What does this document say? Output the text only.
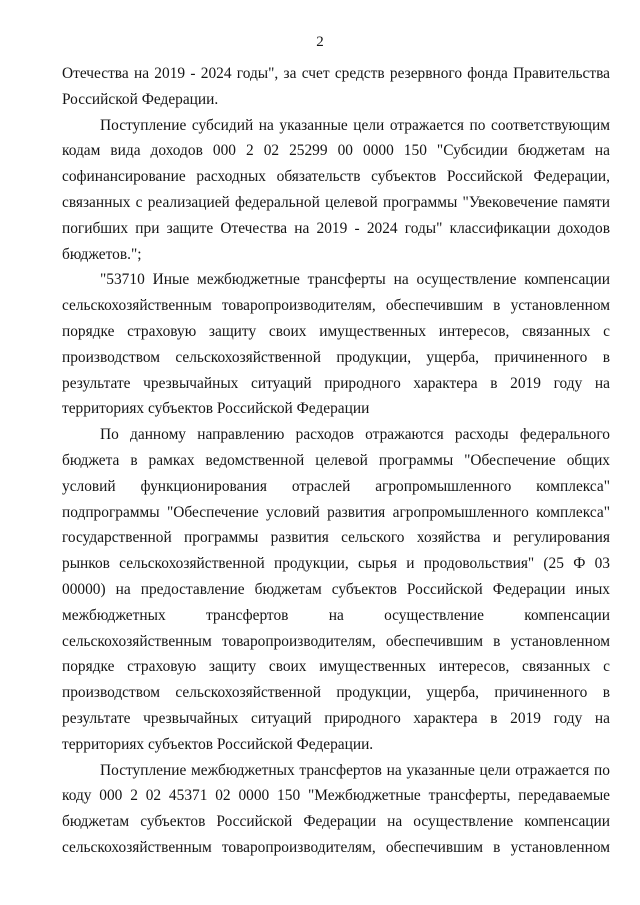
2

Отечества на 2019 - 2024 годы", за счет средств резервного фонда Правительства Российской Федерации.

Поступление субсидий на указанные цели отражается по соответствующим кодам вида доходов 000 2 02 25299 00 0000 150 "Субсидии бюджетам на софинансирование расходных обязательств субъектов Российской Федерации, связанных с реализацией федеральной целевой программы "Увековечение памяти погибших при защите Отечества на 2019 - 2024 годы" классификации доходов бюджетов.";

"53710 Иные межбюджетные трансферты на осуществление компенсации сельскохозяйственным товаропроизводителям, обеспечившим в установленном порядке страховую защиту своих имущественных интересов, связанных с производством сельскохозяйственной продукции, ущерба, причиненного в результате чрезвычайных ситуаций природного характера в 2019 году на территориях субъектов Российской Федерации

По данному направлению расходов отражаются расходы федерального бюджета в рамках ведомственной целевой программы "Обеспечение общих условий функционирования отраслей агропромышленного комплекса" подпрограммы "Обеспечение условий развития агропромышленного комплекса" государственной программы развития сельского хозяйства и регулирования рынков сельскохозяйственной продукции, сырья и продовольствия" (25 Ф 03 00000) на предоставление бюджетам субъектов Российской Федерации иных межбюджетных трансфертов на осуществление компенсации сельскохозяйственным товаропроизводителям, обеспечившим в установленном порядке страховую защиту своих имущественных интересов, связанных с производством сельскохозяйственной продукции, ущерба, причиненного в результате чрезвычайных ситуаций природного характера в 2019 году на территориях субъектов Российской Федерации.

Поступление межбюджетных трансфертов на указанные цели отражается по коду 000 2 02 45371 02 0000 150 "Межбюджетные трансферты, передаваемые бюджетам субъектов Российской Федерации на осуществление компенсации сельскохозяйственным товаропроизводителям, обеспечившим в установленном
